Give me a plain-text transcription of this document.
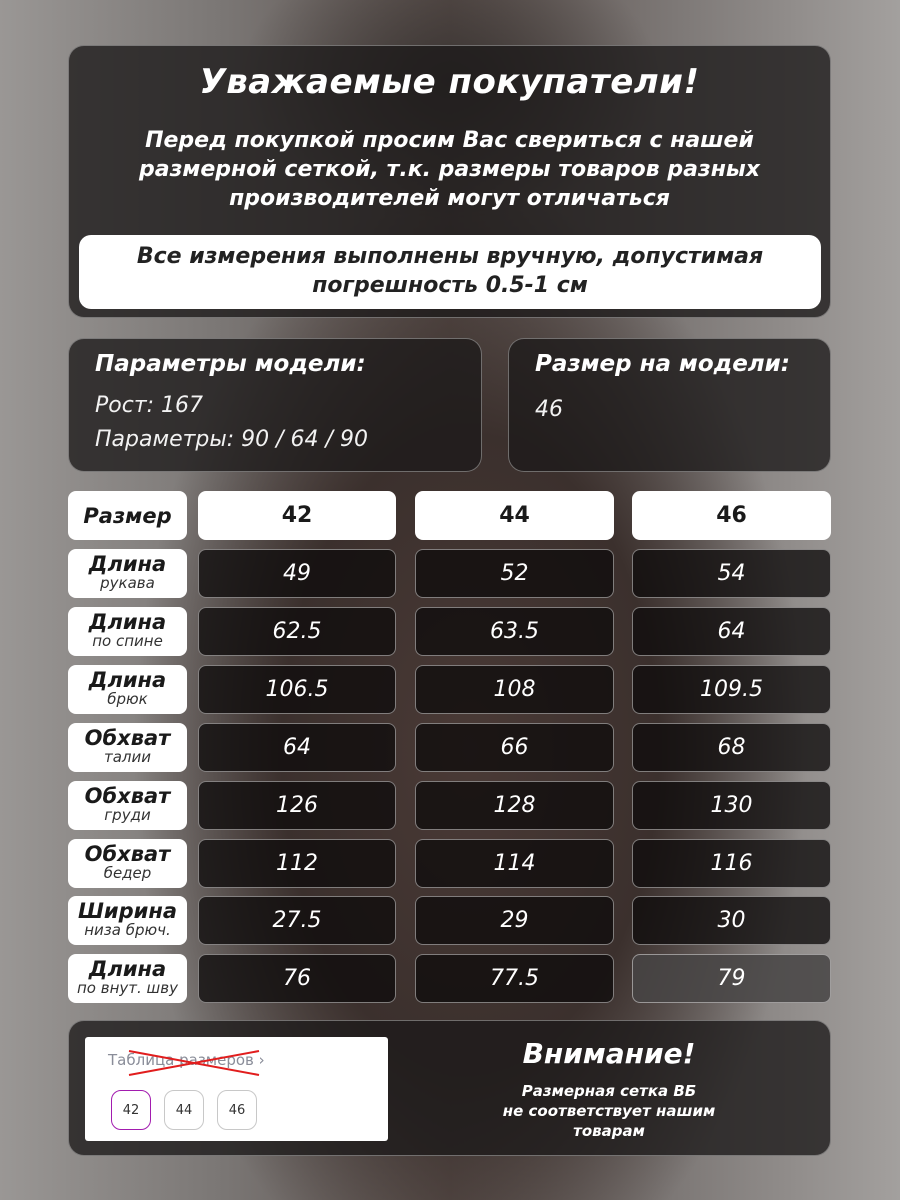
Уважаемые покупатели!
Перед покупкой просим Вас свериться с нашей
размерной сеткой, т.к. размеры товаров разных
производителей могут отличаться
Все измерения выполнены вручную, допустимая
погрешность 0.5-1 см
Параметры модели:
Рост: 167
Параметры: 90 / 64 / 90
Размер на модели:
46
Размер	42	44	46
Длина
рукава	49	52	54
Длина
по спине	62.5	63.5	64
Длина
брюк	106.5	108	109.5
Обхват
талии	64	66	68
Обхват
груди	126	128	130
Обхват
бедер	112	114	116
Ширина
низа брюч.	27.5	29	30
Длина
по внут. шву	76	77.5	79
Таблица размеров ›
42	44	46
Внимание!
Размерная сетка ВБ
не соответствует нашим
товарам
